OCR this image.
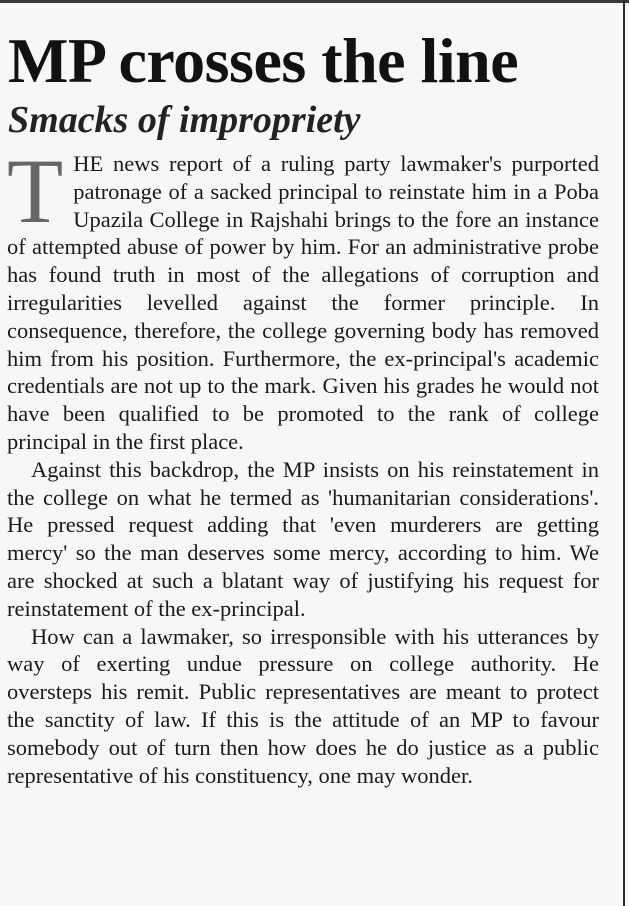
MP crosses the line
Smacks of impropriety

THE news report of a ruling party lawmaker's purported patronage of a sacked principal to reinstate him in a Poba Upazila College in Rajshahi brings to the fore an instance of attempted abuse of power by him. For an administrative probe has found truth in most of the allegations of corruption and irregularities levelled against the former principle. In consequence, therefore, the college governing body has removed him from his position. Furthermore, the ex-principal's academic credentials are not up to the mark. Given his grades he would not have been qualified to be promoted to the rank of college principal in the first place.

Against this backdrop, the MP insists on his reinstatement in the college on what he termed as 'humanitarian considerations'. He pressed request adding that 'even murderers are getting mercy' so the man deserves some mercy, according to him. We are shocked at such a blatant way of justifying his request for reinstatement of the ex-principal.

How can a lawmaker, so irresponsible with his utterances by way of exerting undue pressure on college authority. He oversteps his remit. Public representatives are meant to protect the sanctity of law. If this is the attitude of an MP to favour somebody out of turn then how does he do justice as a public representative of his constituency, one may wonder.
